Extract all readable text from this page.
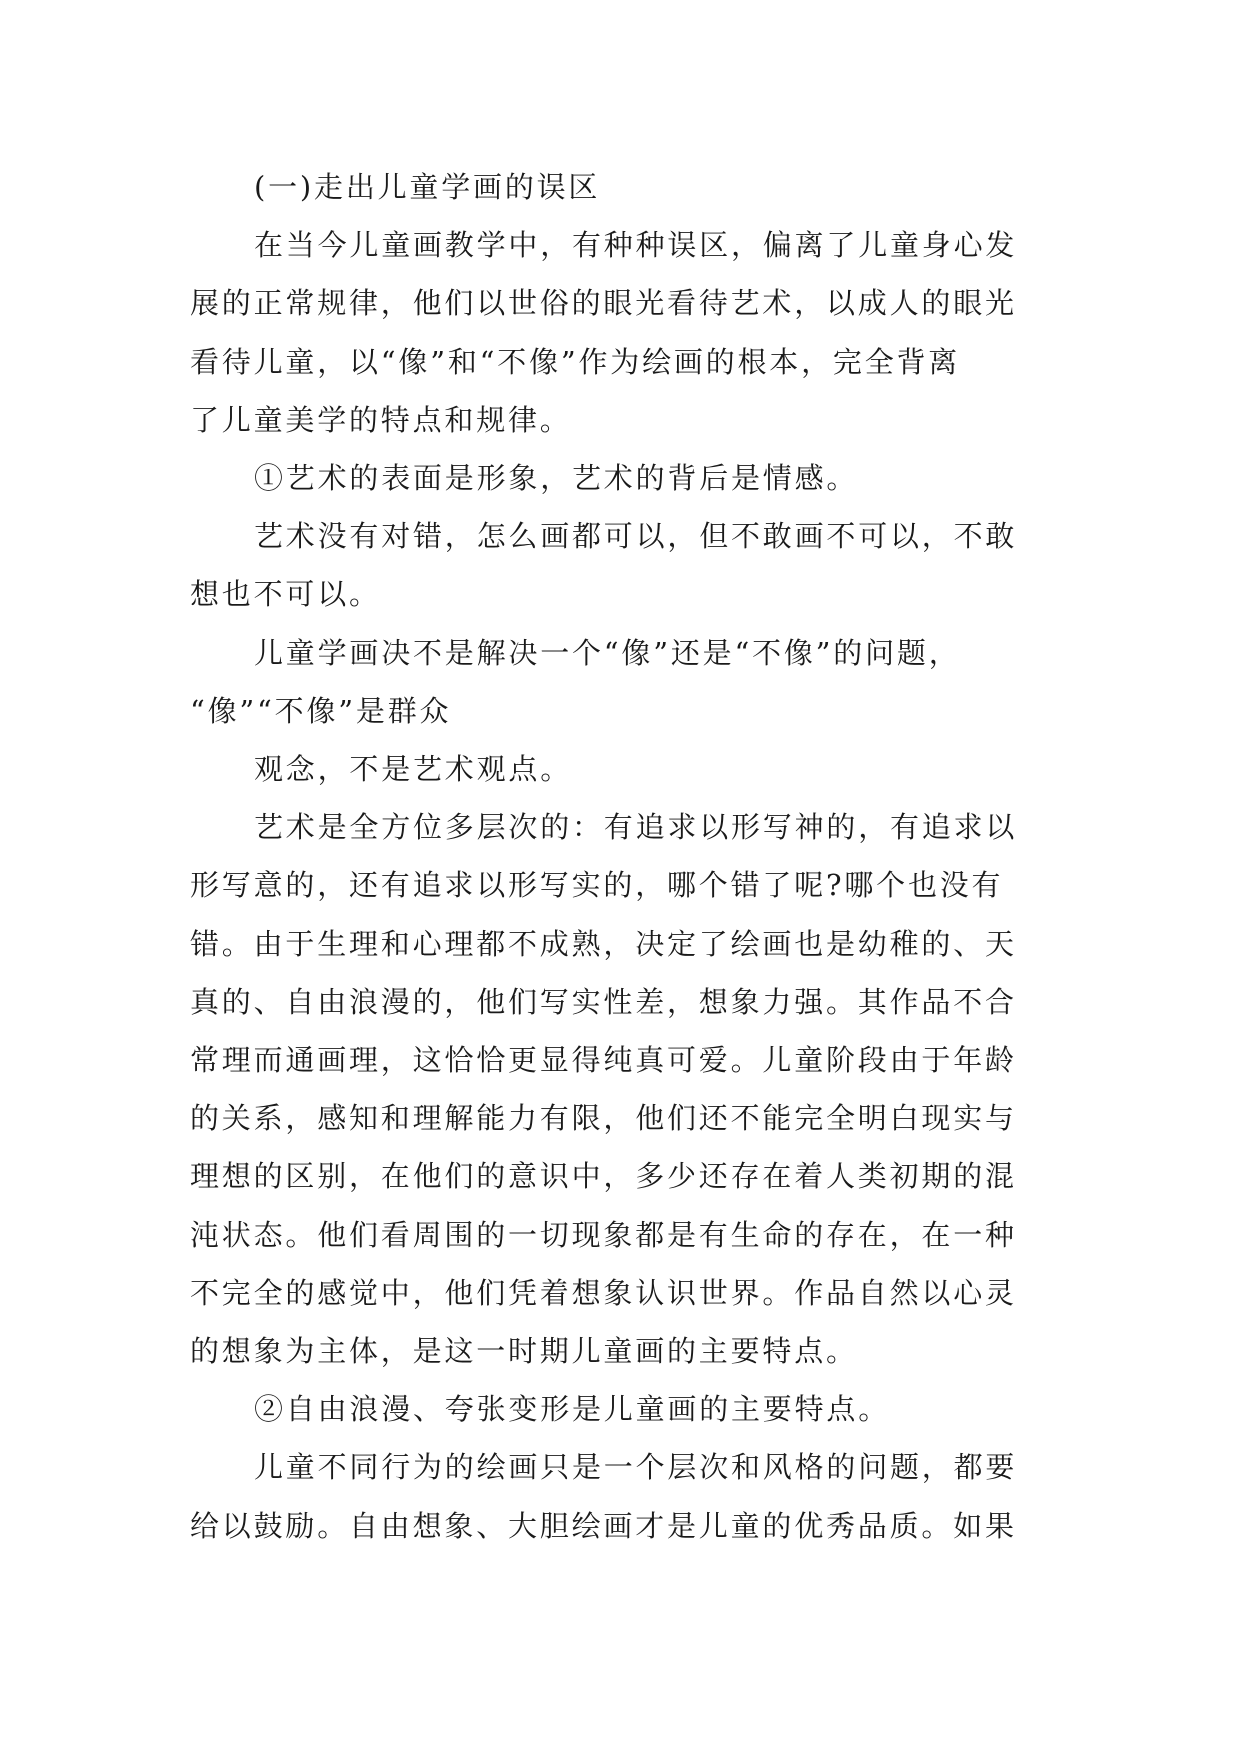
(一)走出儿童学画的误区
在当今儿童画教学中，有种种误区，偏离了儿童身心发
展的正常规律，他们以世俗的眼光看待艺术，以成人的眼光
看待儿童，以“像”和“不像”作为绘画的根本，完全背离
了儿童美学的特点和规律。
①艺术的表面是形象，艺术的背后是情感。
艺术没有对错，怎么画都可以，但不敢画不可以，不敢
想也不可以。
儿童学画决不是解决一个“像”还是“不像”的问题，
“像”“不像”是群众
观念，不是艺术观点。
艺术是全方位多层次的：有追求以形写神的，有追求以
形写意的，还有追求以形写实的，哪个错了呢?哪个也没有
错。由于生理和心理都不成熟，决定了绘画也是幼稚的、天
真的、自由浪漫的，他们写实性差，想象力强。其作品不合
常理而通画理，这恰恰更显得纯真可爱。儿童阶段由于年龄
的关系，感知和理解能力有限，他们还不能完全明白现实与
理想的区别，在他们的意识中，多少还存在着人类初期的混
沌状态。他们看周围的一切现象都是有生命的存在，在一种
不完全的感觉中，他们凭着想象认识世界。作品自然以心灵
的想象为主体，是这一时期儿童画的主要特点。
②自由浪漫、夸张变形是儿童画的主要特点。
儿童不同行为的绘画只是一个层次和风格的问题，都要
给以鼓励。自由想象、大胆绘画才是儿童的优秀品质。如果
